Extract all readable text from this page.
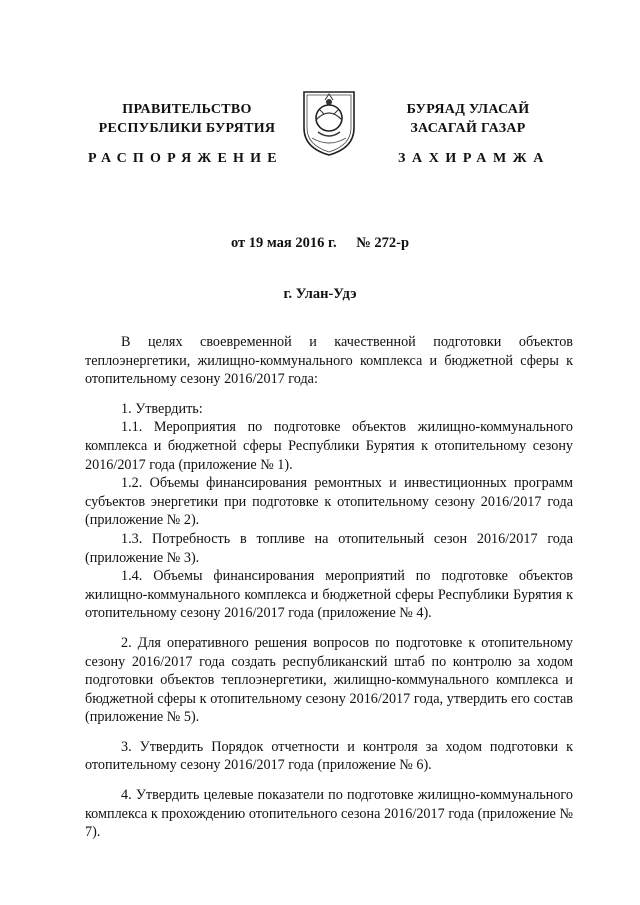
ПРАВИТЕЛЬСТВО
РЕСПУБЛИКИ БУРЯТИЯ
РАСПОРЯЖЕНИЕ
БУРЯАД УЛАСАЙ
ЗАСАГАЙ ГАЗАР
ЗАХИРАМЖА
от 19 мая 2016 г. № 272-р
г. Улан-Удэ

В целях своевременной и качественной подготовки объектов теплоэнергетики, жилищно-коммунального комплекса и бюджетной сферы к отопительному сезону 2016/2017 года:

1. Утвердить:

1.1. Мероприятия по подготовке объектов жилищно-коммунального комплекса и бюджетной сферы Республики Бурятия к отопительному сезону 2016/2017 года (приложение № 1).

1.2. Объемы финансирования ремонтных и инвестиционных программ субъектов энергетики при подготовке к отопительному сезону 2016/2017 года (приложение № 2).

1.3. Потребность в топливе на отопительный сезон 2016/2017 года (приложение № 3).

1.4. Объемы финансирования мероприятий по подготовке объектов жилищно-коммунального комплекса и бюджетной сферы Республики Бурятия к отопительному сезону 2016/2017 года (приложение № 4).

2. Для оперативного решения вопросов по подготовке к отопительному сезону 2016/2017 года создать республиканский штаб по контролю за ходом подготовки объектов теплоэнергетики, жилищно-коммунального комплекса и бюджетной сферы к отопительному сезону 2016/2017 года, утвердить его состав (приложение № 5).

3. Утвердить Порядок отчетности и контроля за ходом подготовки к отопительному сезону 2016/2017 года (приложение № 6).

4. Утвердить целевые показатели по подготовке жилищно-коммунального комплекса к прохождению отопительного сезона 2016/2017 года (приложение № 7).
